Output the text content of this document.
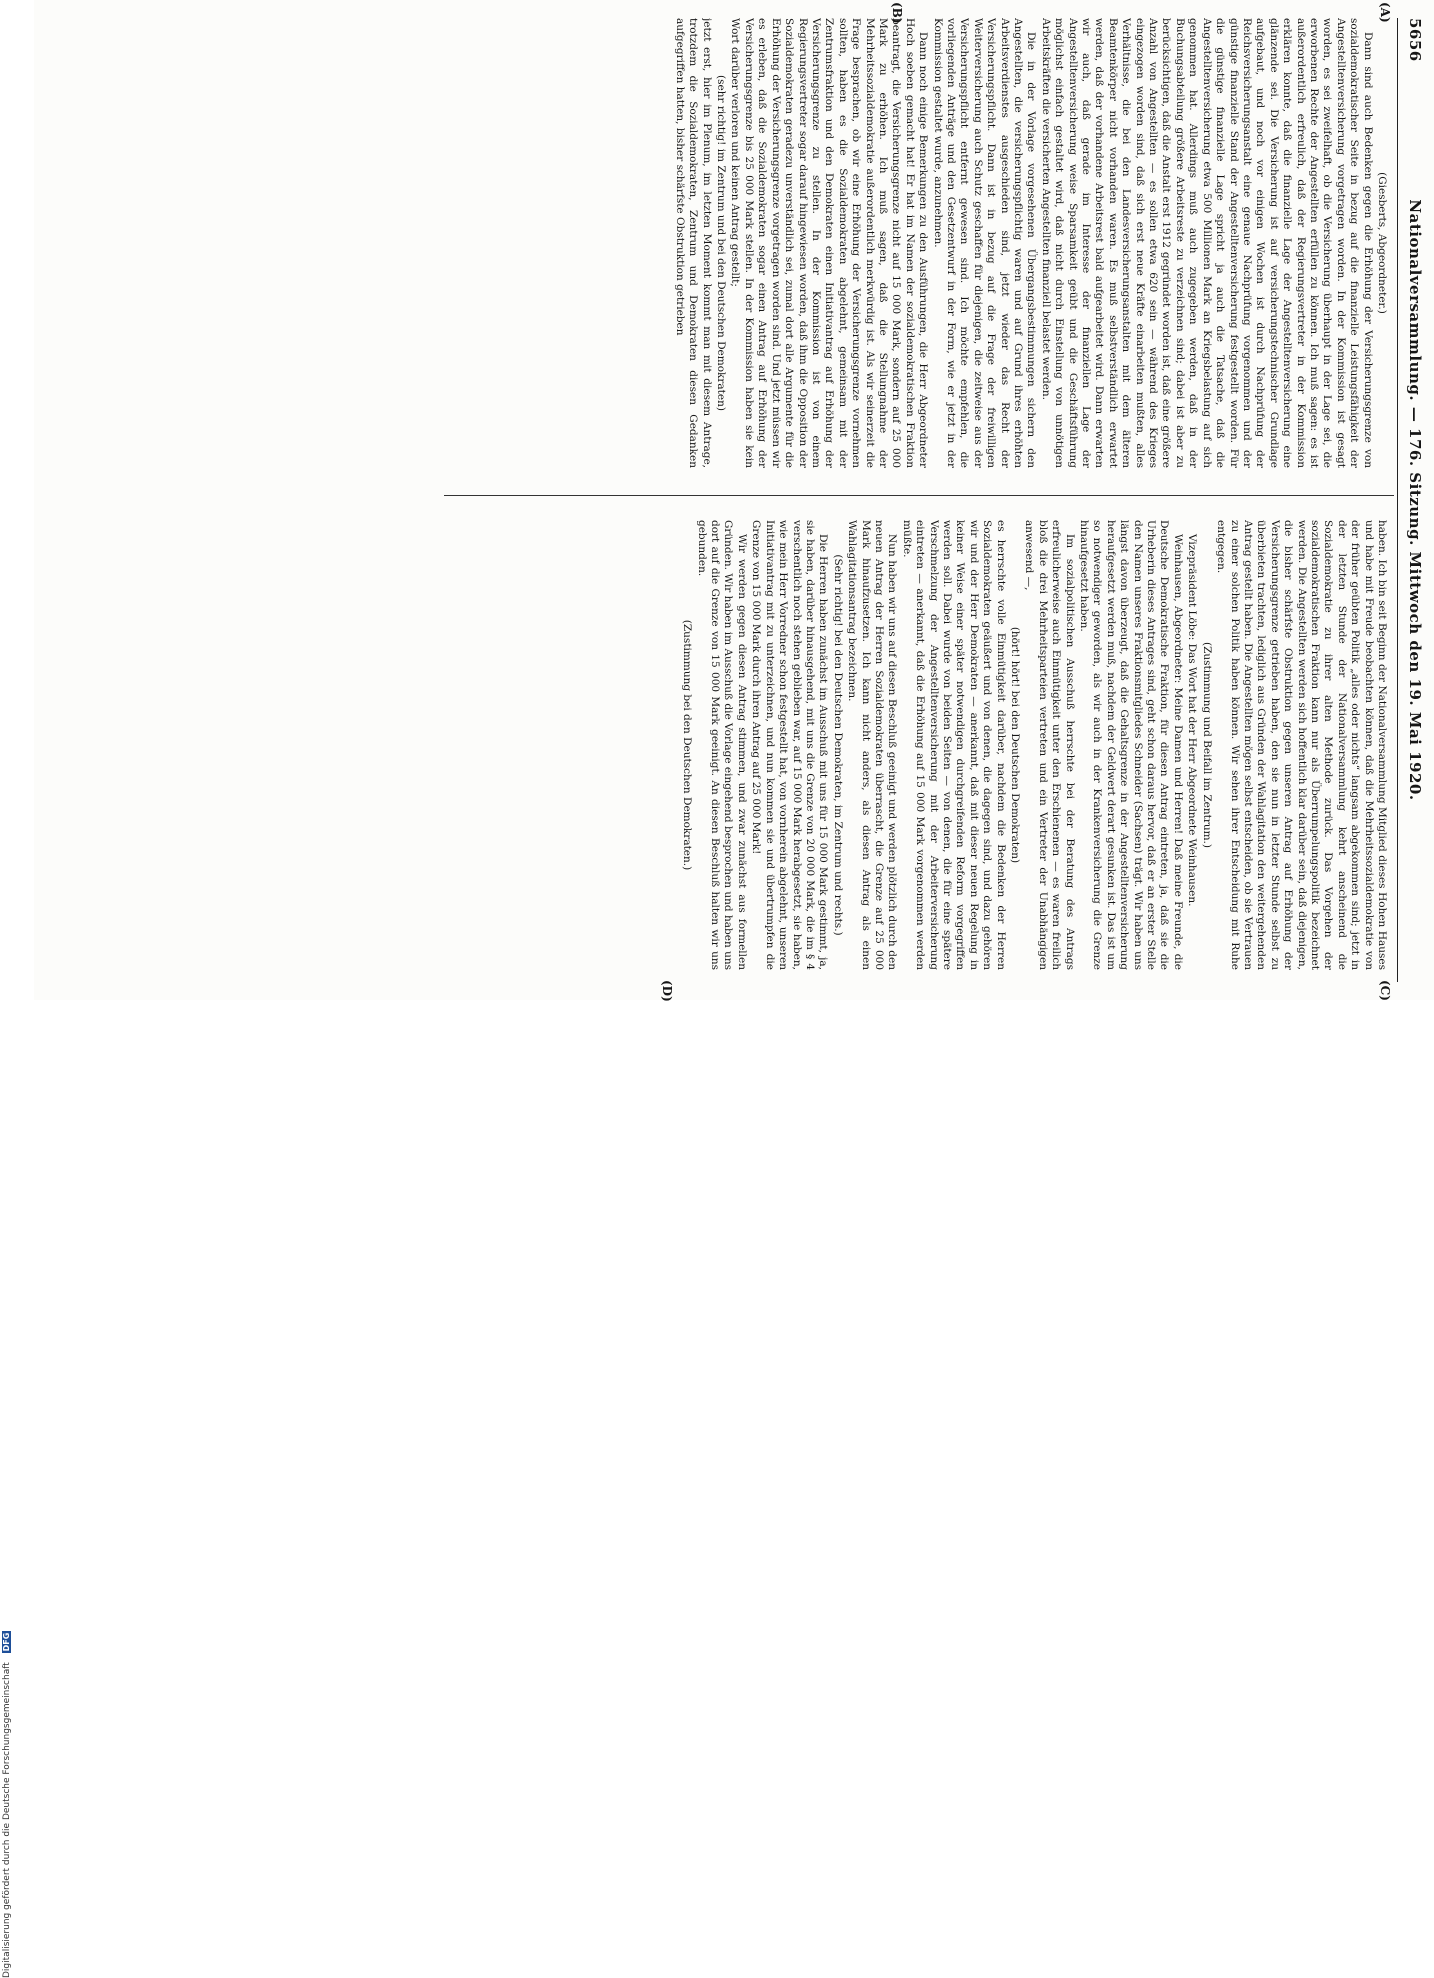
5656
Nationalversammlung. — 176. Sitzung. Mittwoch den 19. Mai 1920.
(A)
(B)
(C)
(D)

(Giesberts, Abgeordneter.)

Dann sind auch Bedenken gegen die Erhöhung der Versicherungsgrenze von sozialdemokratischer Seite in bezug auf die finanzielle Leistungsfähigkeit der Angestelltenversicherung vorgetragen worden. In der Kommission ist gesagt worden, es sei zweifelhaft, ob die Versicherung überhaupt in der Lage sei, die erworbenen Rechte der Angestellten erfüllen zu können. Ich muß sagen: es ist außerordentlich erfreulich, daß der Regierungsvertreter in der Kommission erklären konnte, daß die finanzielle Lage der Angestelltenversicherung eine glänzende sei. Die Versicherung ist auf versicherungstechnischer Grundlage aufgebaut, und noch vor einigen Wochen ist durch Nachprüfung der Reichsversicherungsanstalt eine genaue Nachprüfung vorgenommen und der günstige finanzielle Stand der Angestelltenversicherung festgestellt worden. Für die günstige finanzielle Lage spricht ja auch die Tatsache, daß die Angestelltenversicherung etwa 500 Millionen Mark an Kriegsbelastung auf sich genommen hat. Allerdings muß auch zugegeben werden, daß in der Buchungsabteilung größere Arbeitsreste zu verzeichnen sind; dabei ist aber zu berücksichtigen, daß die Anstalt erst 1912 gegründet worden ist, daß eine größere Anzahl von Angestellten — es sollen etwa 620 sein — während des Krieges eingezogen worden sind, daß sich erst neue Kräfte einarbeiten mußten, alles Verhältnisse, die bei den Landesversicherungsanstalten mit dem älteren Beamtenkörper nicht vorhanden waren. Es muß selbstverständlich erwartet werden, daß der vorhandene Arbeitsrest bald aufgearbeitet wird. Dann erwarten wir auch, daß gerade im Interesse der finanziellen Lage der Angestelltenversicherung weise Sparsamkeit geübt und die Geschäftsführung möglichst einfach gestaltet wird, daß nicht durch Einstellung von unnötigen Arbeitskräften die versicherten Angestellten finanziell belastet werden.

Die in der Vorlage vorgesehenen Übergangsbestimmungen sichern den Angestellten, die versicherungspflichtig waren und auf Grund ihres erhöhten Arbeitsverdienstes ausgeschieden sind, jetzt wieder das Recht der Versicherungspflicht. Dann ist in bezug auf die Frage der freiwilligen Weiterversicherung auch Schutz geschaffen für diejenigen, die zeitweise aus der Versicherungspflicht entfernt gewesen sind. Ich möchte empfehlen, die vorliegenden Anträge und den Gesetzentwurf in der Form, wie er jetzt in der Kommission gestaltet wurde, anzunehmen.

Dann noch einige Bemerkungen zu den Ausführungen, die Herr Abgeordneter Hoch soeben gemacht hat! Er hat im Namen der sozialdemokratischen Fraktion beantragt, die Versicherungsgrenze nicht auf 15 000 Mark, sondern auf 25 000 Mark zu erhöhen. Ich muß sagen, daß die Stellungnahme der Mehrheitssozialdemokratie außerordentlich merkwürdig ist. Als wir seinerzeit die Frage besprachen, ob wir eine Erhöhung der Versicherungsgrenze vornehmen sollten, haben es die Sozialdemokraten abgelehnt, gemeinsam mit der Zentrumsfraktion und den Demokraten einen Initiativantrag auf Erhöhung der Versicherungsgrenze zu stellen. In der Kommission ist von einem Regierungsvertreter sogar darauf hingewiesen worden, daß ihm die Opposition der Sozialdemokraten geradezu unverständlich sei, zumal dort alle Argumente für die Erhöhung der Versicherungsgrenze vorgetragen worden sind. Und jetzt müssen wir es erleben, daß die Sozialdemokraten sogar einen Antrag auf Erhöhung der Versicherungsgrenze bis 25 000 Mark stellen. In der Kommission haben sie kein Wort darüber verloren und keinen Antrag gestellt;

(sehr richtig! im Zentrum und bei den Deutschen Demokraten)

jetzt erst, hier im Plenum, im letzten Moment kommt man mit diesem Antrage, trotzdem die Sozialdemokraten, Zentrum und Demokraten diesen Gedanken aufgegriffen hatten, bisher schärfste Obstruktion getrieben

haben. Ich bin seit Beginn der Nationalversammlung Mitglied dieses Hohen Hauses und habe mit Freude beobachten können, daß die Mehrheitssozialdemokratie von der früher geübten Politik „alles oder nichts“ langsam abgekommen sind; jetzt in der letzten Stunde der Nationalversammlung kehrt anscheinend die Sozialdemokratie zu ihrer alten Methode zurück. Das Vorgehen der sozialdemokratischen Fraktion kann nur als Überrumpelungspolitik bezeichnet werden. Die Angestellten werden sich hoffentlich klar darüber sein, daß diejenigen, die bisher schärfste Obstruktion gegen unseren Antrag auf Erhöhung der Versicherungsgrenze getrieben haben, den sie nun in letzter Stunde selbst zu überbieten trachten, lediglich aus Gründen der Wahlagitation den weitergehenden Antrag gestellt haben. Die Angestellten mögen selbst entscheiden, ob sie Vertrauen zu einer solchen Politik haben können. Wir sehen ihrer Entscheidung mit Ruhe entgegen.

(Zustimmung und Beifall im Zentrum.)

Vizepräsident Löbe: Das Wort hat der Herr Abgeordnete Weinhausen.

Weinhausen, Abgeordneter: Meine Damen und Herren! Daß meine Freunde, die Deutsche Demokratische Fraktion, für diesen Antrag eintreten, ja, daß sie die Urheberin dieses Antrages sind, geht schon daraus hervor, daß er an erster Stelle den Namen unseres Fraktionsmitgliedes Schneider (Sachsen) trägt. Wir haben uns längst davon überzeugt, daß die Gehaltsgrenze in der Angestelltenversicherung heraufgesetzt werden muß, nachdem der Geldwert derart gesunken ist. Das ist um so notwendiger geworden, als wir auch in der Krankenversicherung die Grenze hinaufgesetzt haben.

Im sozialpolitischen Ausschuß herrschte bei der Beratung des Antrags erfreulicherweise auch Einmütigkeit unter den Erschienenen — es waren freilich bloß die drei Mehrheitsparteien vertreten und ein Vertreter der Unabhängigen anwesend —,

(hört! hört! bei den Deutschen Demokraten)

es herrschte volle Einmütigkeit darüber, nachdem die Bedenken der Herren Sozialdemokraten geäußert und von denen, die dagegen sind, und dazu gehören wir und der Herr Demokraten — anerkannt, daß mit dieser neuen Regelung in keiner Weise einer später notwendigen durchgreifenden Reform vorgegriffen werden soll. Dabei wurde von beiden Seiten — von denen, die für eine spätere Verschmelzung der Angestelltenversicherung mit der Arbeiterversicherung eintreten — anerkannt, daß die Erhöhung auf 15 000 Mark vorgenommen werden müßte.

Nun haben wir uns auf diesen Beschluß geeinigt und werden plötzlich durch den neuen Antrag der Herren Sozialdemokraten überrascht, die Grenze auf 25 000 Mark hinaufzusetzen. Ich kann nicht anders, als diesen Antrag als einen Wahlagitationsantrag bezeichnen.

(Sehr richtig! bei den Deutschen Demokraten, im Zentrum und rechts.)

Die Herren haben zunächst im Ausschuß mit uns für 15 000 Mark gestimmt, ja, sie haben, darüber hinausgehend, mit uns die Grenze von 20 000 Mark, die im § 4 verschentlich noch stehen geblieben war, auf 15 000 Mark herabgesetzt, sie haben, wie mein Herr Vorredner schon festgestellt hat, von vornherein abgelehnt, unseren Initiativantrag mit zu unterzeichnen, und nun kommen sie und übertrumpfen die Grenze von 15 000 Mark durch ihren Antrag auf 25 000 Mark!

Wir werden gegen diesen Antrag stimmen, und zwar zunächst aus formellen Gründen. Wir haben im Ausschuß die Vorlage eingehend besprochen und haben uns dort auf die Grenze von 15 000 Mark geeinigt. An diesen Beschluß halten wir uns gebunden.

(Zustimmung bei den Deutschen Demokraten.)

Digitalisierung gefördert durch die Deutsche Forschungsgemeinschaft DFG
